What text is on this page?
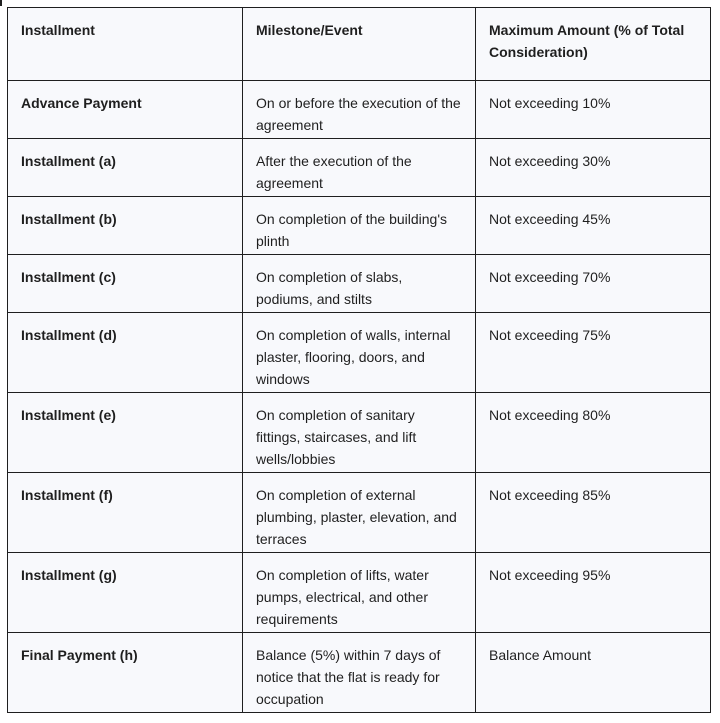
Installment	Milestone/Event	Maximum Amount (% of Total Consideration)
Advance Payment	On or before the execution of the agreement	Not exceeding 10%
Installment (a)	After the execution of the agreement	Not exceeding 30%
Installment (b)	On completion of the building's plinth	Not exceeding 45%
Installment (c)	On completion of slabs, podiums, and stilts	Not exceeding 70%
Installment (d)	On completion of walls, internal plaster, flooring, doors, and windows	Not exceeding 75%
Installment (e)	On completion of sanitary fittings, staircases, and lift wells/lobbies	Not exceeding 80%
Installment (f)	On completion of external plumbing, plaster, elevation, and terraces	Not exceeding 85%
Installment (g)	On completion of lifts, water pumps, electrical, and other requirements	Not exceeding 95%
Final Payment (h)	Balance (5%) within 7 days of notice that the flat is ready for occupation	Balance Amount
